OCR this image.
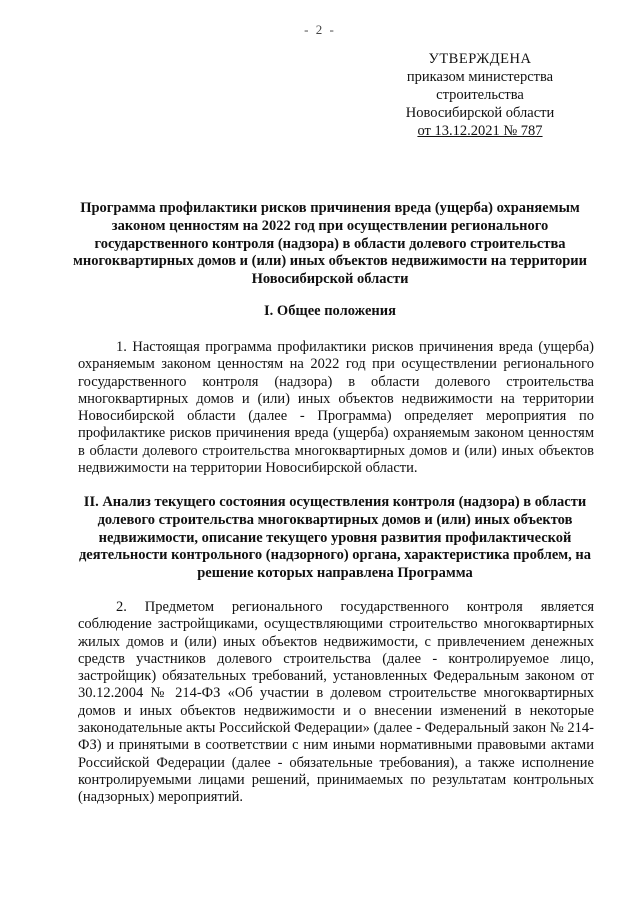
- 2 -
УТВЕРЖДЕНА
приказом министерства
строительства
Новосибирской области
от 13.12.2021 № 787
Программа профилактики рисков причинения вреда (ущерба) охраняемым законом ценностям на 2022 год при осуществлении регионального государственного контроля (надзора) в области долевого строительства многоквартирных домов и (или) иных объектов недвижимости на территории Новосибирской области
I. Общее положения
1. Настоящая программа профилактики рисков причинения вреда (ущерба) охраняемым законом ценностям на 2022 год при осуществлении регионального государственного контроля (надзора) в области долевого строительства многоквартирных домов и (или) иных объектов недвижимости на территории Новосибирской области (далее - Программа) определяет мероприятия по профилактике рисков причинения вреда (ущерба) охраняемым законом ценностям в области долевого строительства многоквартирных домов и (или) иных объектов недвижимости на территории Новосибирской области.
II. Анализ текущего состояния осуществления контроля (надзора) в области долевого строительства многоквартирных домов и (или) иных объектов недвижимости, описание текущего уровня развития профилактической деятельности контрольного (надзорного) органа, характеристика проблем, на решение которых направлена Программа
2. Предметом регионального государственного контроля является соблюдение застройщиками, осуществляющими строительство многоквартирных жилых домов и (или) иных объектов недвижимости, с привлечением денежных средств участников долевого строительства (далее - контролируемое лицо, застройщик) обязательных требований, установленных Федеральным законом от 30.12.2004 № 214-ФЗ «Об участии в долевом строительстве многоквартирных домов и иных объектов недвижимости и о внесении изменений в некоторые законодательные акты Российской Федерации» (далее - Федеральный закон № 214-ФЗ) и принятыми в соответствии с ним иными нормативными правовыми актами Российской Федерации (далее - обязательные требования), а также исполнение контролируемыми лицами решений, принимаемых по результатам контрольных (надзорных) мероприятий.
